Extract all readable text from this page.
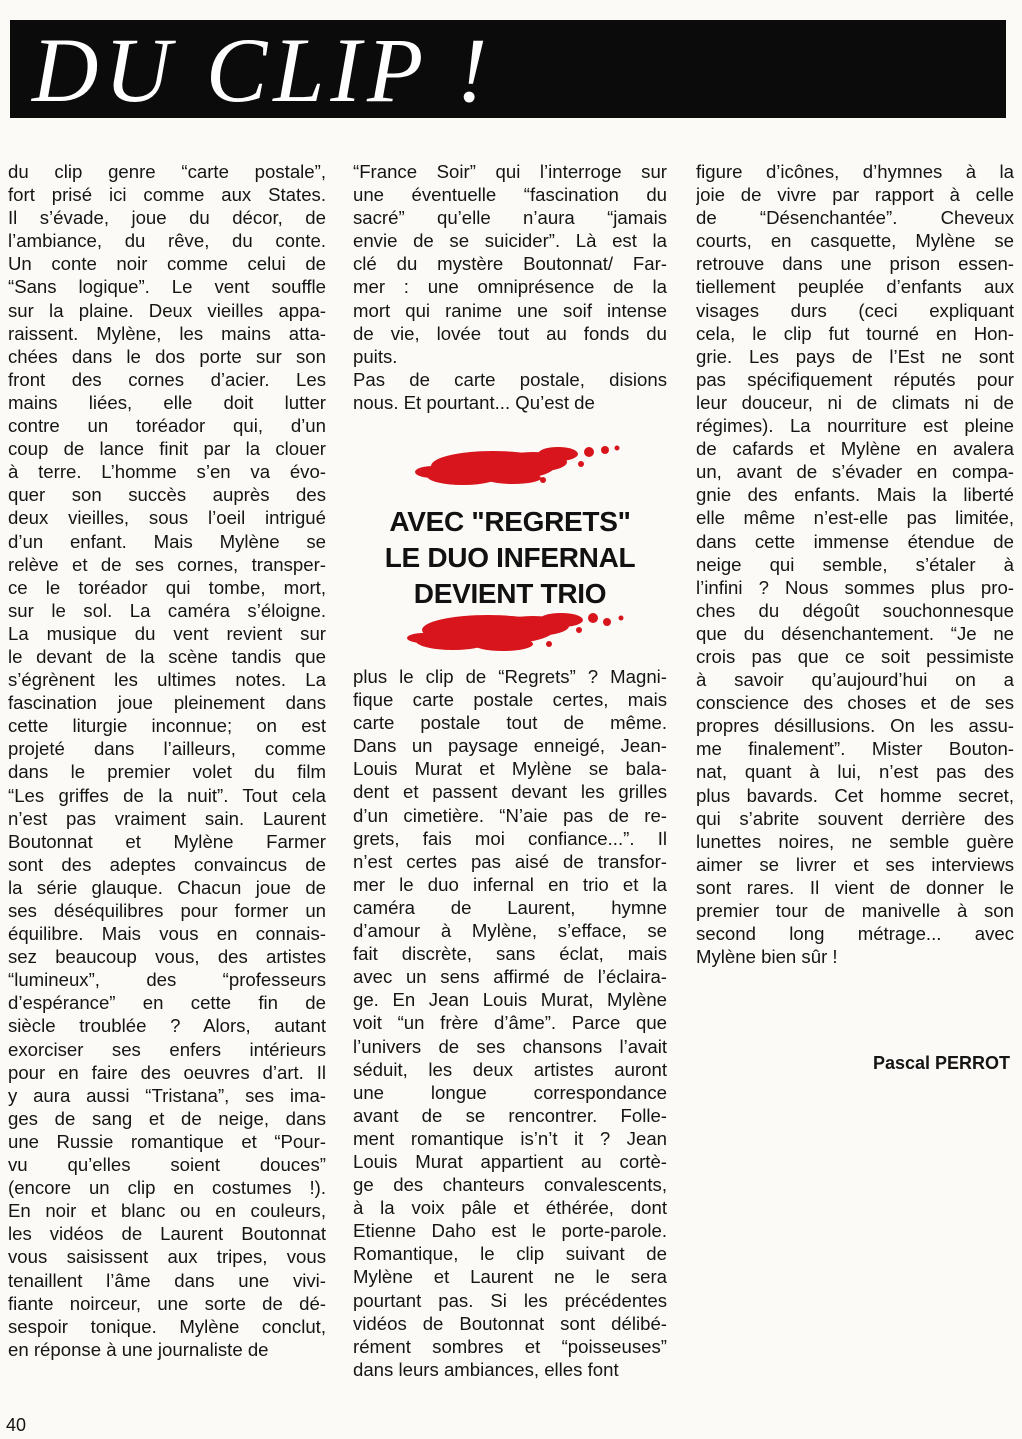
DU CLIP !
du clip genre “carte postale”,
fort prisé ici comme aux States.
Il s’évade, joue du décor, de
l’ambiance, du rêve, du conte.
Un conte noir comme celui de
“Sans logique”. Le vent souffle
sur la plaine. Deux vieilles appa-
raissent. Mylène, les mains atta-
chées dans le dos porte sur son
front des cornes d’acier. Les
mains liées, elle doit lutter
contre un toréador qui, d’un
coup de lance finit par la clouer
à terre. L’homme s’en va évo-
quer son succès auprès des
deux vieilles, sous l’oeil intrigué
d’un enfant. Mais Mylène se
relève et de ses cornes, transper-
ce le toréador qui tombe, mort,
sur le sol. La caméra s’éloigne.
La musique du vent revient sur
le devant de la scène tandis que
s’égrènent les ultimes notes. La
fascination joue pleinement dans
cette liturgie inconnue; on est
projeté dans l’ailleurs, comme
dans le premier volet du film
“Les griffes de la nuit”. Tout cela
n’est pas vraiment sain. Laurent
Boutonnat et Mylène Farmer
sont des adeptes convaincus de
la série glauque. Chacun joue de
ses déséquilibres pour former un
équilibre. Mais vous en connais-
sez beaucoup vous, des artistes
“lumineux”, des “professeurs
d’espérance” en cette fin de
siècle troublée ? Alors, autant
exorciser ses enfers intérieurs
pour en faire des oeuvres d’art. Il
y aura aussi “Tristana”, ses ima-
ges de sang et de neige, dans
une Russie romantique et “Pour-
vu qu’elles soient douces”
(encore un clip en costumes !).
En noir et blanc ou en couleurs,
les vidéos de Laurent Boutonnat
vous saisissent aux tripes, vous
tenaillent l’âme dans une vivi-
fiante noirceur, une sorte de dé-
sespoir tonique. Mylène conclut,
en réponse à une journaliste de
“France Soir” qui l’interroge sur
une éventuelle “fascination du
sacré” qu’elle n’aura “jamais
envie de se suicider”. Là est la
clé du mystère Boutonnat/ Far-
mer : une omniprésence de la
mort qui ranime une soif intense
de vie, lovée tout au fonds du
puits.
Pas de carte postale, disions
nous. Et pourtant... Qu’est de
plus le clip de “Regrets” ? Magni-
fique carte postale certes, mais
carte postale tout de même.
Dans un paysage enneigé, Jean-
Louis Murat et Mylène se bala-
dent et passent devant les grilles
d’un cimetière. “N’aie pas de re-
grets, fais moi confiance...”. Il
n’est certes pas aisé de transfor-
mer le duo infernal en trio et la
caméra de Laurent, hymne
d’amour à Mylène, s’efface, se
fait discrète, sans éclat, mais
avec un sens affirmé de l’éclaira-
ge. En Jean Louis Murat, Mylène
voit “un frère d’âme”. Parce que
l’univers de ses chansons l’avait
séduit, les deux artistes auront
une longue correspondance
avant de se rencontrer. Folle-
ment romantique is’n’t it ? Jean
Louis Murat appartient au cortè-
ge des chanteurs convalescents,
à la voix pâle et éthérée, dont
Etienne Daho est le porte-parole.
Romantique, le clip suivant de
Mylène et Laurent ne le sera
pourtant pas. Si les précédentes
vidéos de Boutonnat sont délibé-
rément sombres et “poisseuses”
dans leurs ambiances, elles font
figure d’icônes, d’hymnes à la
joie de vivre par rapport à celle
de “Désenchantée”. Cheveux
courts, en casquette, Mylène se
retrouve dans une prison essen-
tiellement peuplée d’enfants aux
visages durs (ceci expliquant
cela, le clip fut tourné en Hon-
grie. Les pays de l’Est ne sont
pas spécifiquement réputés pour
leur douceur, ni de climats ni de
régimes). La nourriture est pleine
de cafards et Mylène en avalera
un, avant de s’évader en compa-
gnie des enfants. Mais la liberté
elle même n’est-elle pas limitée,
dans cette immense étendue de
neige qui semble, s’étaler à
l’infini ? Nous sommes plus pro-
ches du dégoût souchonnesque
que du désenchantement. “Je ne
crois pas que ce soit pessimiste
à savoir qu’aujourd’hui on a
conscience des choses et de ses
propres désillusions. On les assu-
me finalement”. Mister Bouton-
nat, quant à lui, n’est pas des
plus bavards. Cet homme secret,
qui s’abrite souvent derrière des
lunettes noires, ne semble guère
aimer se livrer et ses interviews
sont rares. Il vient de donner le
premier tour de manivelle à son
second long métrage... avec
Mylène bien sûr !
AVEC "REGRETS"
LE DUO INFERNAL
DEVIENT TRIO
Pascal PERROT
40
